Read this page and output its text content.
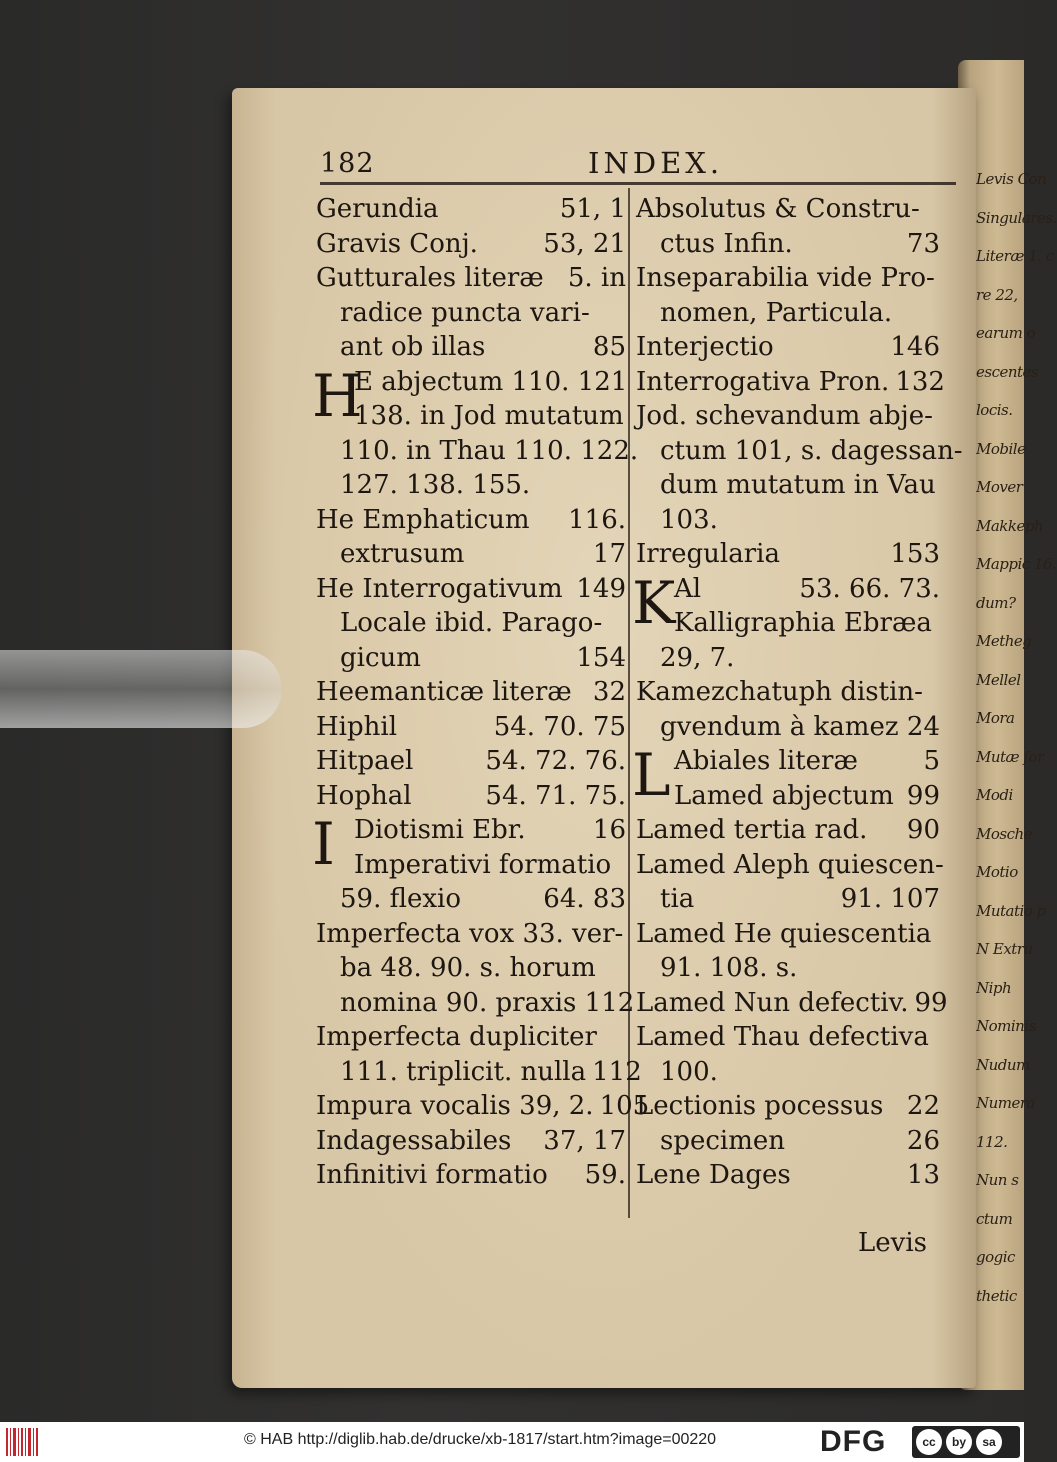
Levis Con
Singulares.
Literæ 1. c
re 22,
earum o
escentes
locis.
Mobile
Mover
Makkeph
Mappic 16.
dum?
Metheg
Mellel
Mora
Mutæ for
Modi
Mosche
Motio
Mutatio p
N Extru
Niph
Nominis
Nudum
Numera
112.
Nun s
ctum
gogic
thetic
182	INDEX.
Gerundia	51, 1
Gravis Conj.	53, 21
Gutturales literæ 5. in
radice puncta vari-
ant ob illas	85
H
E abjectum 110. 121
138. in Jod mutatum
110. in Thau 110. 122.
127. 138. 155.
He Emphaticum 116.
extrusum	17
He Interrogativum 149
Locale ibid. Parago-
gicum	154
Heemanticæ literæ 32
Hiphil	54. 70. 75
Hitpael	54. 72. 76.
Hophal	54. 71. 75.
I Diotismi Ebr.	16
Imperativi formatio
59. flexio	64. 83
Imperfecta vox 33. ver-
ba 48. 90. s. horum
nomina 90. praxis 112
Imperfecta dupliciter
111. triplicit. nulla 112
Impura vocalis 39, 2. 105
Indagessabiles 37, 17
Infinitivi formatio 59.
Absolutus & Constru-
ctus Infin.	73
Inseparabilia vide Pro-
nomen, Particula.
Interjectio	146
Interrogativa Pron. 132
Jod. schevandum abje-
ctum 101, s. dagessan-
dum mutatum in Vau
103.
Irregularia	153
K
Al	53. 66. 73.
Kalligraphia Ebræa
29, 7.
Kamezchatuph distin-
gvendum à kamez 24
L Abiales literæ	5
Lamed abjectum 99
Lamed tertia rad. 90
Lamed Aleph quiescen-
tia	91. 107
Lamed He quiescentia
91. 108. s.
Lamed Nun defectiv. 99
Lamed Thau defectiva
100.
Lectionis pocessus 22
specimen	26
Lene Dages	13
Levis
© HAB http://diglib.hab.de/drucke/xb-1817/start.htm?image=00220	DFG	cc	by	sa
